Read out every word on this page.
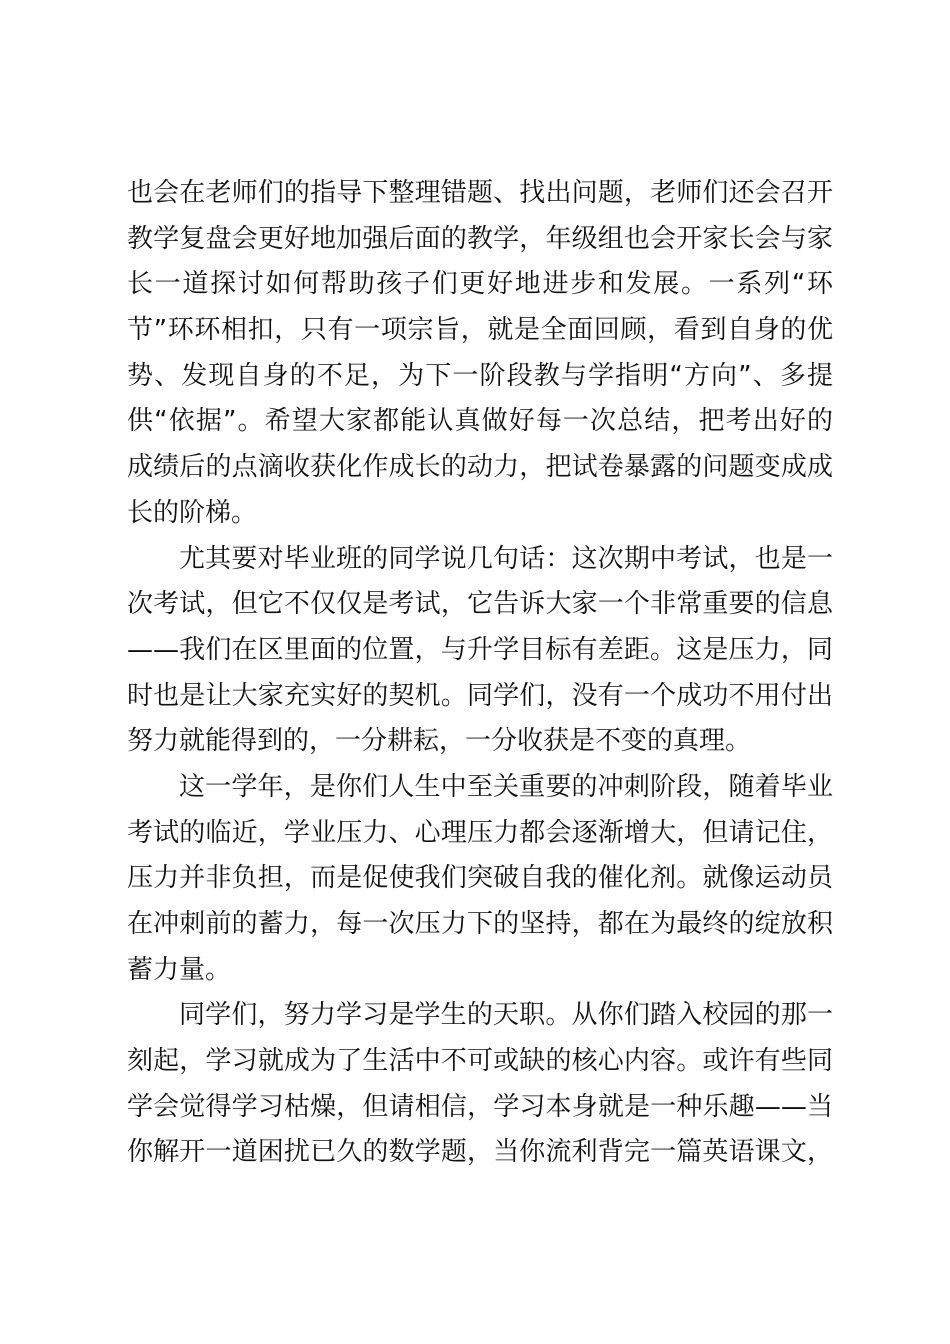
也会在老师们的指导下整理错题、找出问题，老师们还会召开
教学复盘会更好地加强后面的教学，年级组也会开家长会与家
长一道探讨如何帮助孩子们更好地进步和发展。一系列“环
节”环环相扣，只有一项宗旨，就是全面回顾，看到自身的优
势、发现自身的不足，为下一阶段教与学指明“方向”、多提
供“依据”。希望大家都能认真做好每一次总结，把考出好的
成绩后的点滴收获化作成长的动力，把试卷暴露的问题变成成
长的阶梯。
尤其要对毕业班的同学说几句话：这次期中考试，也是一
次考试，但它不仅仅是考试，它告诉大家一个非常重要的信息
——我们在区里面的位置，与升学目标有差距。这是压力，同
时也是让大家充实好的契机。同学们，没有一个成功不用付出
努力就能得到的，一分耕耘，一分收获是不变的真理。
这一学年，是你们人生中至关重要的冲刺阶段，随着毕业
考试的临近，学业压力、心理压力都会逐渐增大，但请记住，
压力并非负担，而是促使我们突破自我的催化剂。就像运动员
在冲刺前的蓄力，每一次压力下的坚持，都在为最终的绽放积
蓄力量。
同学们，努力学习是学生的天职。从你们踏入校园的那一
刻起，学习就成为了生活中不可或缺的核心内容。或许有些同
学会觉得学习枯燥，但请相信，学习本身就是一种乐趣——当
你解开一道困扰已久的数学题，当你流利背完一篇英语课文，
